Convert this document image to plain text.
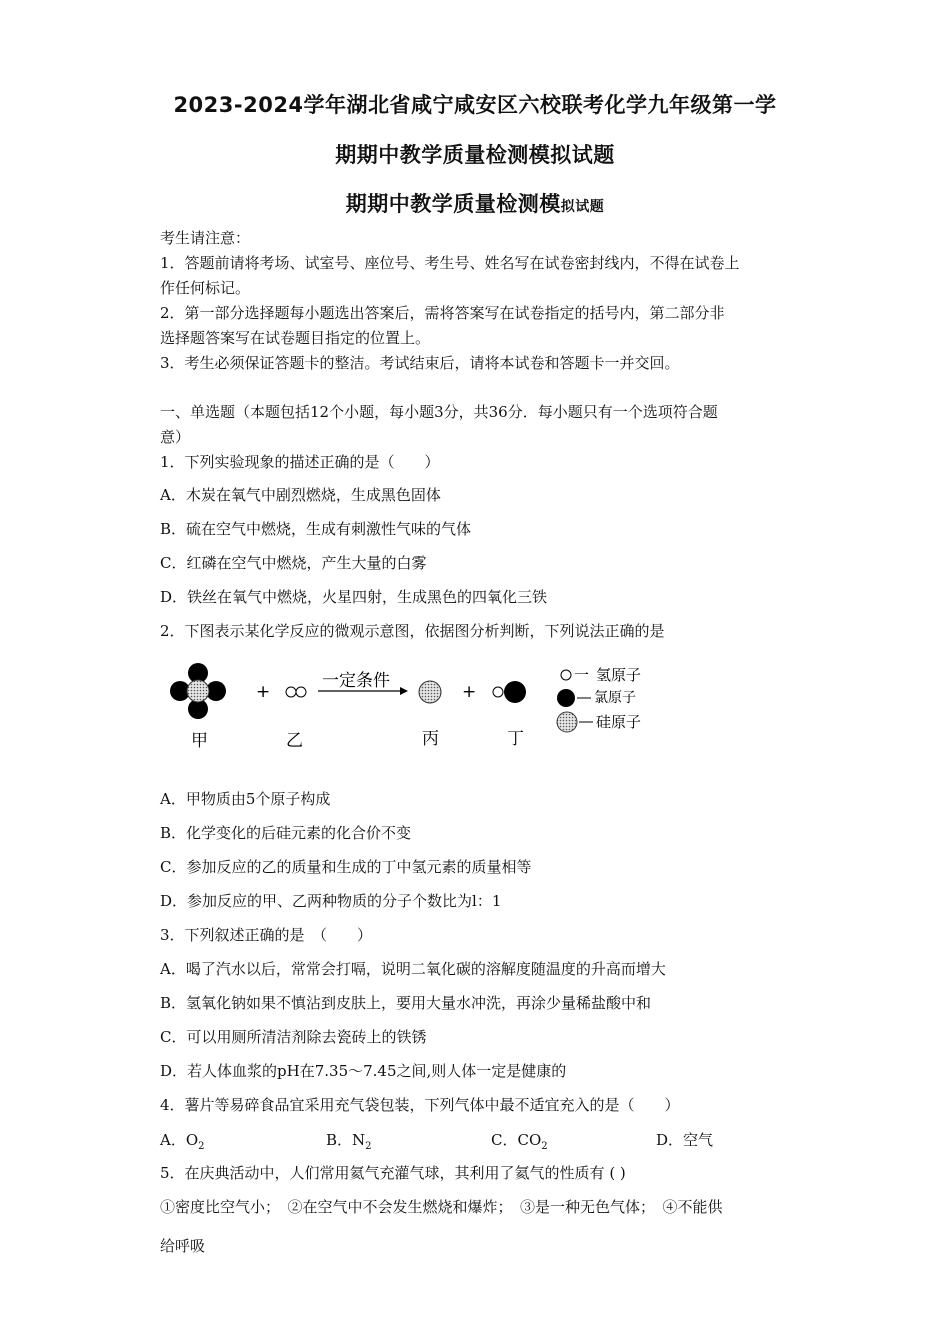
2023-2024学年湖北省咸宁咸安区六校联考化学九年级第一学
期期中教学质量检测模拟试题
期期中教学质量检测模拟试题
考生请注意：
1．答题前请将考场、试室号、座位号、考生号、姓名写在试卷密封线内，不得在试卷上
作任何标记。
2．第一部分选择题每小题选出答案后，需将答案写在试卷指定的括号内，第二部分非
选择题答案写在试卷题目指定的位置上。
3．考生必须保证答题卡的整洁。考试结束后，请将本试卷和答题卡一并交回。
一、单选题（本题包括12个小题，每小题3分，共36分．每小题只有一个选项符合题
意）
1．下列实验现象的描述正确的是（　　）
A．木炭在氧气中剧烈燃烧，生成黑色固体
B．硫在空气中燃烧，生成有刺激性气味的气体
C．红磷在空气中燃烧，产生大量的白雾
D．铁丝在氧气中燃烧，火星四射，生成黑色的四氧化三铁
2．下图表示某化学反应的微观示意图，依据图分析判断，下列说法正确的是
+
一定条件
+
一 氢原子
氯原子
硅原子
甲	乙	丙	丁
A．甲物质由5个原子构成
B．化学变化的后硅元素的化合价不变
C．参加反应的乙的质量和生成的丁中氢元素的质量相等
D．参加反应的甲、乙两种物质的分子个数比为l：1
3．下列叙述正确的是　（　　）
A．喝了汽水以后，常常会打嗝，说明二氧化碳的溶解度随温度的升高而增大
B．氢氧化钠如果不慎沾到皮肤上，要用大量水冲洗，再涂少量稀盐酸中和
C．可以用厕所清洁剂除去瓷砖上的铁锈
D．若人体血浆的pH在7.35～7.45之间,则人体一定是健康的
4．薯片等易碎食品宜采用充气袋包装，下列气体中最不适宜充入的是（　　）
A．$O_2$	B．$N_2$	C．$CO_2$	D．空气
5．在庆典活动中，人们常用氦气充灌气球，其利用了氦气的性质有 ( )
①密度比空气小；　②在空气中不会发生燃烧和爆炸；　③是一种无色气体；　④不能供
给呼吸
